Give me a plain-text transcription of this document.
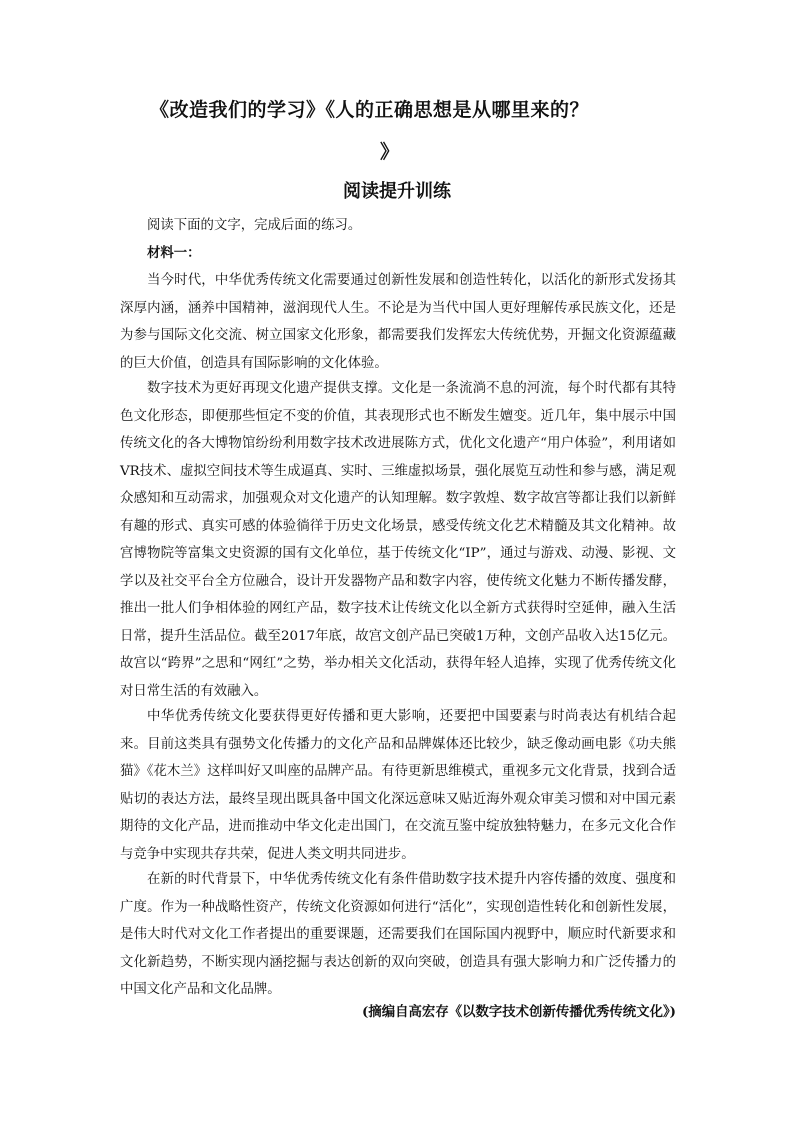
《改造我们的学习》《人的正确思想是从哪里来的？
》
阅读提升训练
阅读下面的文字，完成后面的练习。
材料一：
当今时代，中华优秀传统文化需要通过创新性发展和创造性转化，以活化的新形式发扬其深厚内涵，涵养中国精神，滋润现代人生。不论是为当代中国人更好理解传承民族文化，还是为参与国际文化交流、树立国家文化形象，都需要我们发挥宏大传统优势，开掘文化资源蕴藏的巨大价值，创造具有国际影响的文化体验。
数字技术为更好再现文化遗产提供支撑。文化是一条流淌不息的河流，每个时代都有其特色文化形态，即便那些恒定不变的价值，其表现形式也不断发生嬗变。近几年，集中展示中国传统文化的各大博物馆纷纷利用数字技术改进展陈方式，优化文化遗产“用户体验”，利用诸如VR技术、虚拟空间技术等生成逼真、实时、三维虚拟场景，强化展览互动性和参与感，满足观众感知和互动需求，加强观众对文化遗产的认知理解。数字敦煌、数字故宫等都让我们以新鲜有趣的形式、真实可感的体验徜徉于历史文化场景，感受传统文化艺术精髓及其文化精神。故宫博物院等富集文史资源的国有文化单位，基于传统文化“IP”，通过与游戏、动漫、影视、文学以及社交平台全方位融合，设计开发器物产品和数字内容，使传统文化魅力不断传播发酵，推出一批人们争相体验的网红产品，数字技术让传统文化以全新方式获得时空延伸，融入生活日常，提升生活品位。截至2017年底，故宫文创产品已突破1万种，文创产品收入达15亿元。故宫以“跨界”之思和“网红”之势，举办相关文化活动，获得年轻人追捧，实现了优秀传统文化对日常生活的有效融入。
中华优秀传统文化要获得更好传播和更大影响，还要把中国要素与时尚表达有机结合起来。目前这类具有强势文化传播力的文化产品和品牌媒体还比较少，缺乏像动画电影《功夫熊猫》《花木兰》这样叫好又叫座的品牌产品。有待更新思维模式，重视多元文化背景，找到合适贴切的表达方法，最终呈现出既具备中国文化深远意味又贴近海外观众审美习惯和对中国元素期待的文化产品，进而推动中华文化走出国门，在交流互鉴中绽放独特魅力，在多元文化合作与竞争中实现共存共荣，促进人类文明共同进步。
在新的时代背景下，中华优秀传统文化有条件借助数字技术提升内容传播的效度、强度和广度。作为一种战略性资产，传统文化资源如何进行“活化”，实现创造性转化和创新性发展，是伟大时代对文化工作者提出的重要课题，还需要我们在国际国内视野中，顺应时代新要求和文化新趋势，不断实现内涵挖掘与表达创新的双向突破，创造具有强大影响力和广泛传播力的中国文化产品和文化品牌。
(摘编自高宏存《以数字技术创新传播优秀传统文化》)
